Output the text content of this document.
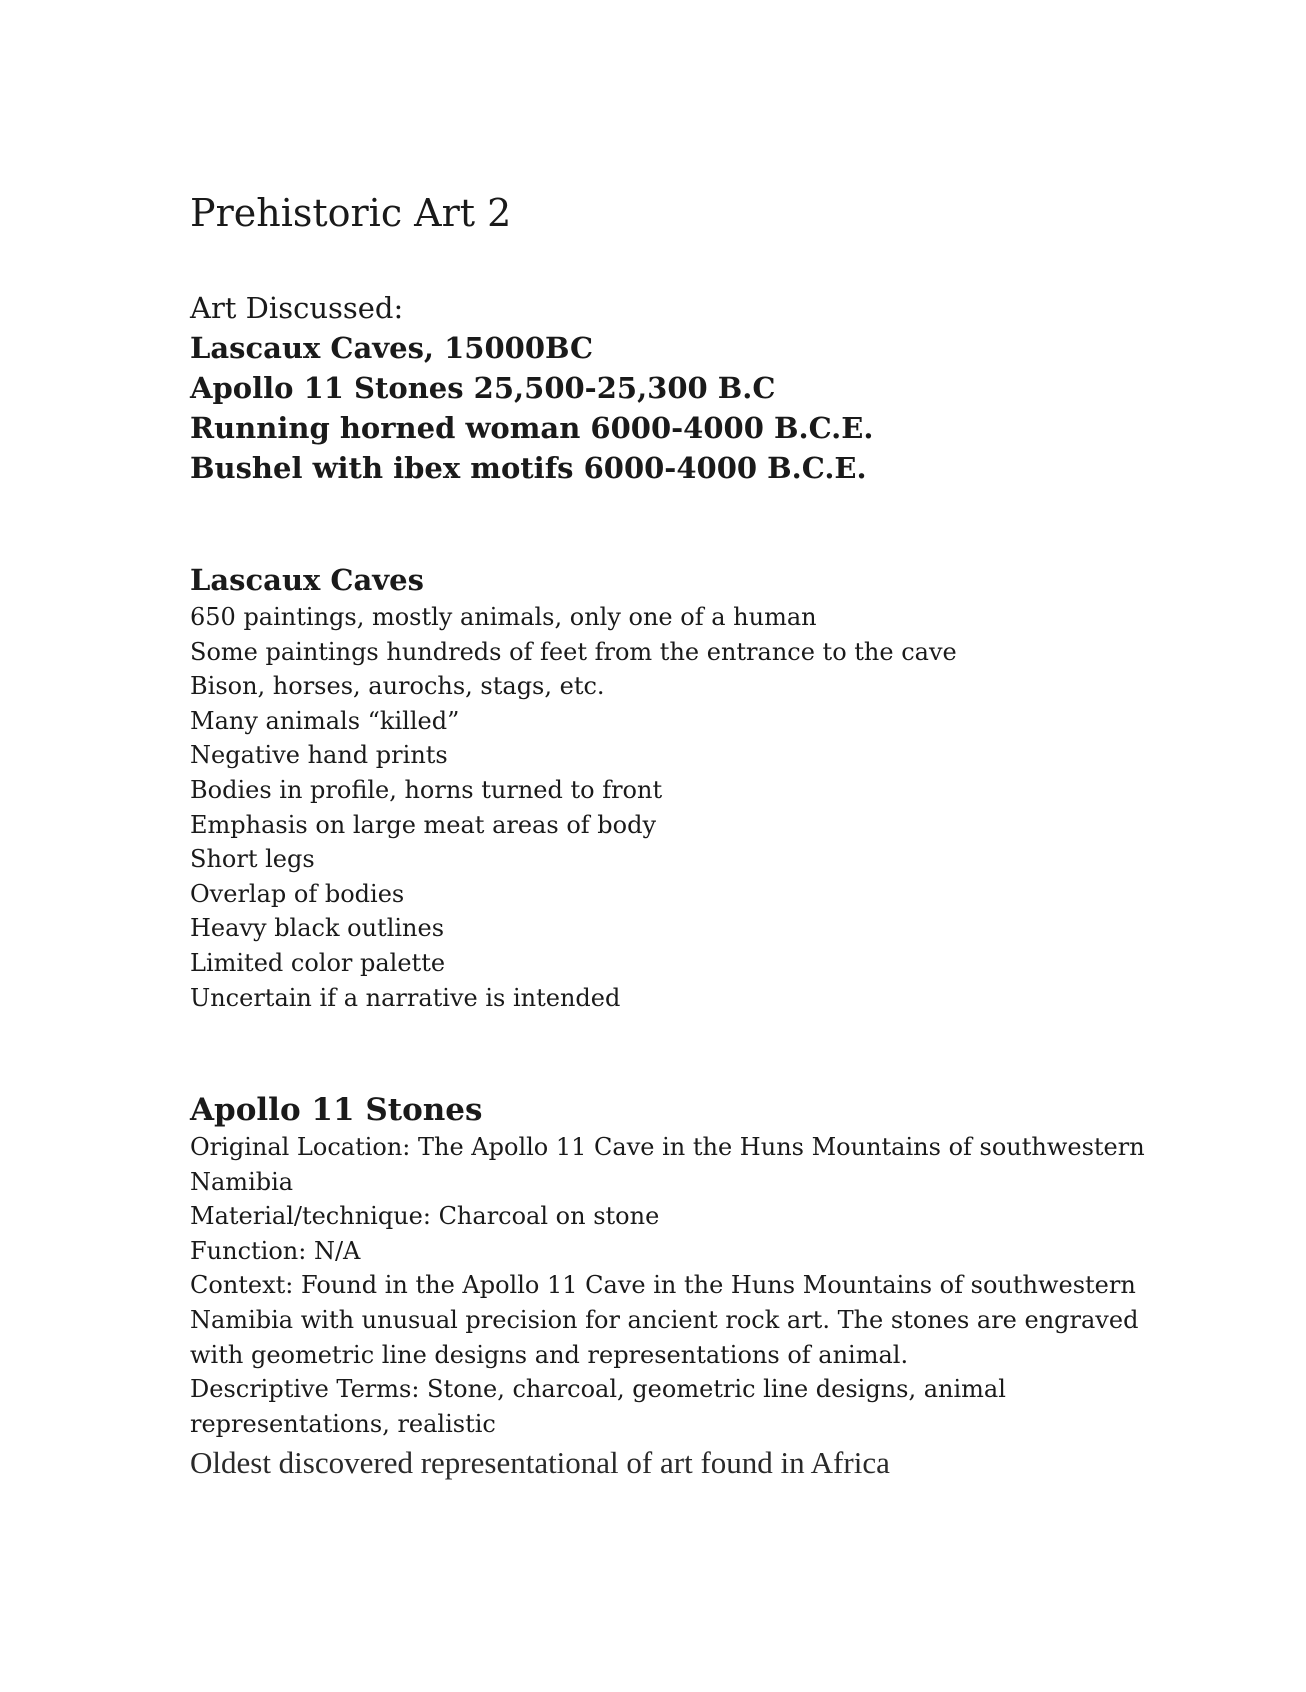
Prehistoric Art 2
Art Discussed:
Lascaux Caves, 15000BC
Apollo 11 Stones 25,500-25,300 B.C
Running horned woman 6000-4000 B.C.E.
Bushel with ibex motifs 6000-4000 B.C.E.
Lascaux Caves
650 paintings, mostly animals, only one of a human
Some paintings hundreds of feet from the entrance to the cave
Bison, horses, aurochs, stags, etc.
Many animals “killed”
Negative hand prints
Bodies in profile, horns turned to front
Emphasis on large meat areas of body
Short legs
Overlap of bodies
Heavy black outlines
Limited color palette
Uncertain if a narrative is intended
Apollo 11 Stones
Original Location: The Apollo 11 Cave in the Huns Mountains of southwestern Namibia
Material/technique: Charcoal on stone
Function: N/A
Context: Found in the Apollo 11 Cave in the Huns Mountains of southwestern Namibia with unusual precision for ancient rock art. The stones are engraved with geometric line designs and representations of animal.
Descriptive Terms: Stone, charcoal, geometric line designs, animal representations, realistic
Oldest discovered representational of art found in Africa
